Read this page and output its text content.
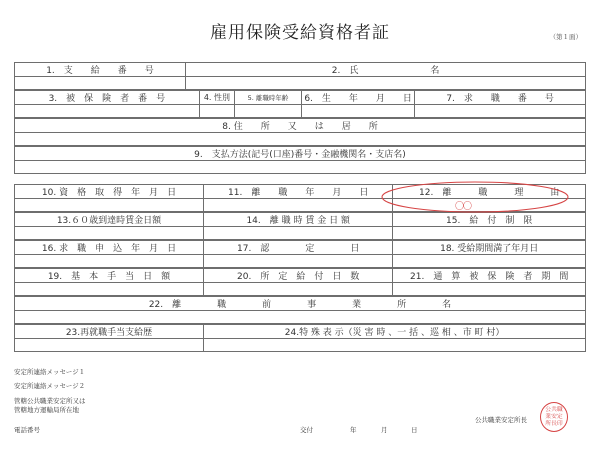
雇用保険受給資格者証	（第１面）
1.　支　　給　　番　　号	2.　氏　　　　　　　　名
3.　被　保　険　者　番　号	4. 性別	5. 離職時年齢	6.　生　　年　　月　　日	7.　求　　職　　番　　号
8. 住　　所　　又　　は　　居　　所
9.　支払方法(記号(口座)番号・金融機関名・支店名)
10. 資　格　取　得　年　月　日	11.　離　　職　　年　　月　　日	12.　離　　　職　　　理　　　由
13.６０歳到達時賃金日額	14.　離 職 時 賃 金 日 額	15.　給　付　制　限
16. 求　職　申　込　年　月　日	17.　認　　　　定　　　　日	18. 受給期間満了年月日
19.　基　本　手　当　日　額	20.　所　定　給　付　日　数	21.　通　算　被　保　険　者　期　間
22.　離　　　　職　　　　前　　　　事　　　　業　　　　所　　　　名
23.再就職手当支給歴	24.特 殊 表 示（災 害 時 、一 括 、巡 相 、市 町 村）
〇〇
安定所連絡メッセージ１
安定所連絡メッセージ２
管轄公共職業安定所又は
管轄地方運輸局所在地
電話番号	交付	年	月	日
公共職業安定所長
公共職
業安定
所長印
